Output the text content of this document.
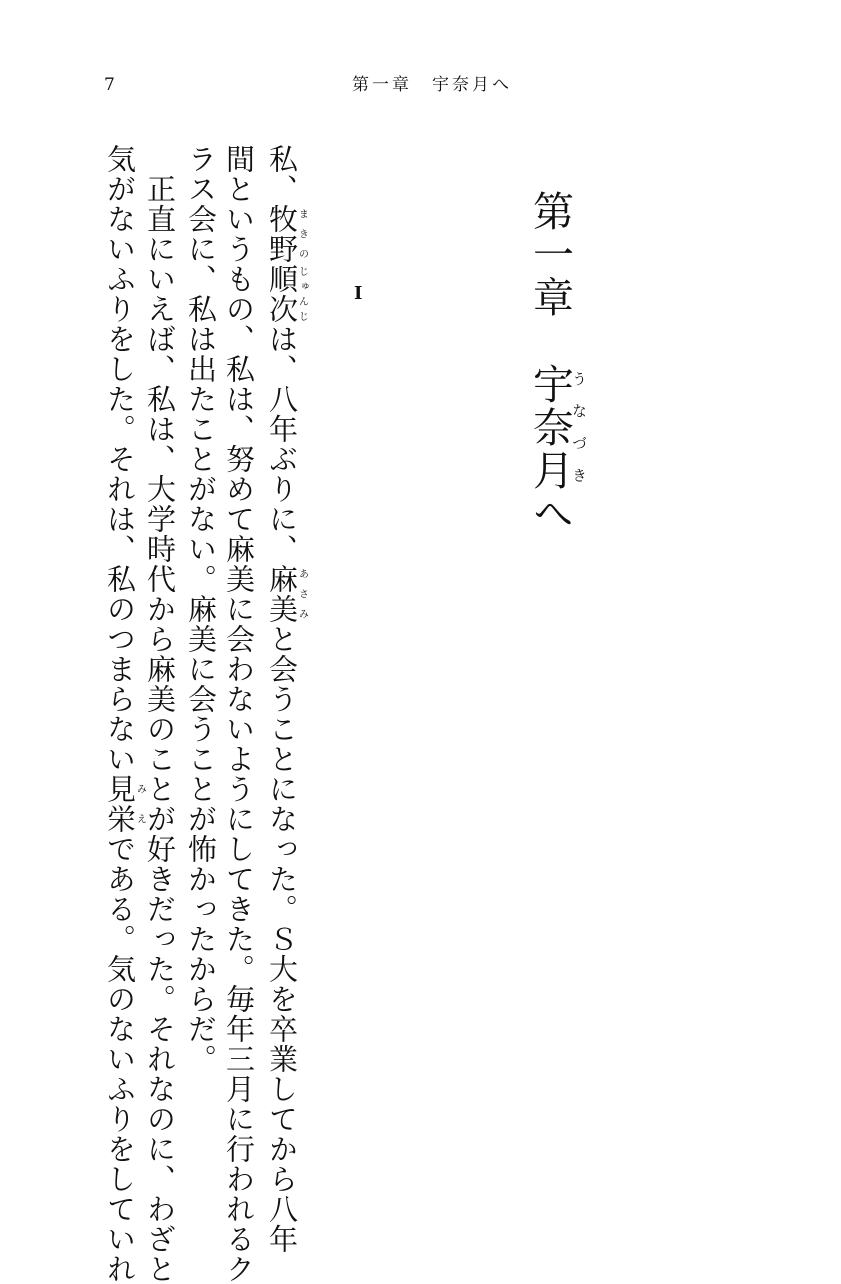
7	第一章　宇奈月へ
第一章宇奈月うなづきへ
I
私、牧野まきの順次じゅんじは、八年ぶりに、麻美あさみと会うことになった。Ｓ大を卒業してから八年
間というもの、私は、努めて麻美に会わないようにしてきた。毎年三月に行われるク
ラス会に、私は出たことがない。麻美に会うことが怖かったからだ。
　正直にいえば、私は、大学時代から麻美のことが好きだった。それなのに、わざと
気がないふりをした。それは、私のつまらない見栄みえである。気のないふりをしていれ
